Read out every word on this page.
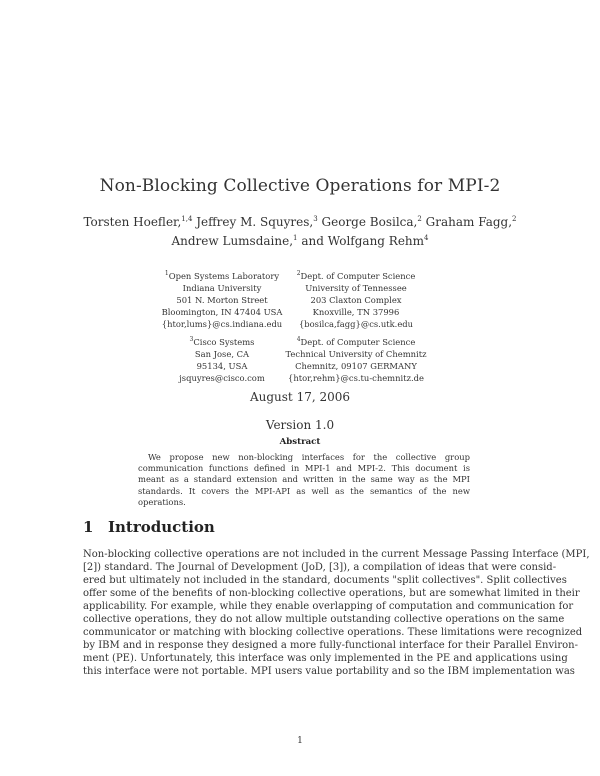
Non-Blocking Collective Operations for MPI-2
Torsten Hoefler,$^{1,4}$ Jeffrey M. Squyres,$^3$ George Bosilca,$^2$ Graham Fagg,$^2$
Andrew Lumsdaine,$^1$ and Wolfgang Rehm$^4$
$^1$Open Systems Laboratory
Indiana University
501 N. Morton Street
Bloomington, IN 47404 USA
{htor,lums}@cs.indiana.edu
$^2$Dept. of Computer Science
University of Tennessee
203 Claxton Complex
Knoxville, TN 37996
{bosilca,fagg}@cs.utk.edu
$^3$Cisco Systems
San Jose, CA
95134, USA
jsquyres@cisco.com
$^4$Dept. of Computer Science
Technical University of Chemnitz
Chemnitz, 09107 GERMANY
{htor,rehm}@cs.tu-chemnitz.de
August 17, 2006
Version 1.0
Abstract
We propose new non-blocking interfaces for the collective group communication functions defined in MPI-1 and MPI-2. This document is meant as a standard extension and written in the same way as the MPI standards. It covers the MPI-API as well as the semantics of the new operations.
1 Introduction
Non-blocking collective operations are not included in the current Message Passing Interface (MPI,
[2]) standard. The Journal of Development (JoD, [3]), a compilation of ideas that were consid-
ered but ultimately not included in the standard, documents "split collectives". Split collectives
offer some of the benefits of non-blocking collective operations, but are somewhat limited in their
applicability. For example, while they enable overlapping of computation and communication for
collective operations, they do not allow multiple outstanding collective operations on the same
communicator or matching with blocking collective operations. These limitations were recognized
by IBM and in response they designed a more fully-functional interface for their Parallel Environ-
ment (PE). Unfortunately, this interface was only implemented in the PE and applications using
this interface were not portable. MPI users value portability and so the IBM implementation was
1
